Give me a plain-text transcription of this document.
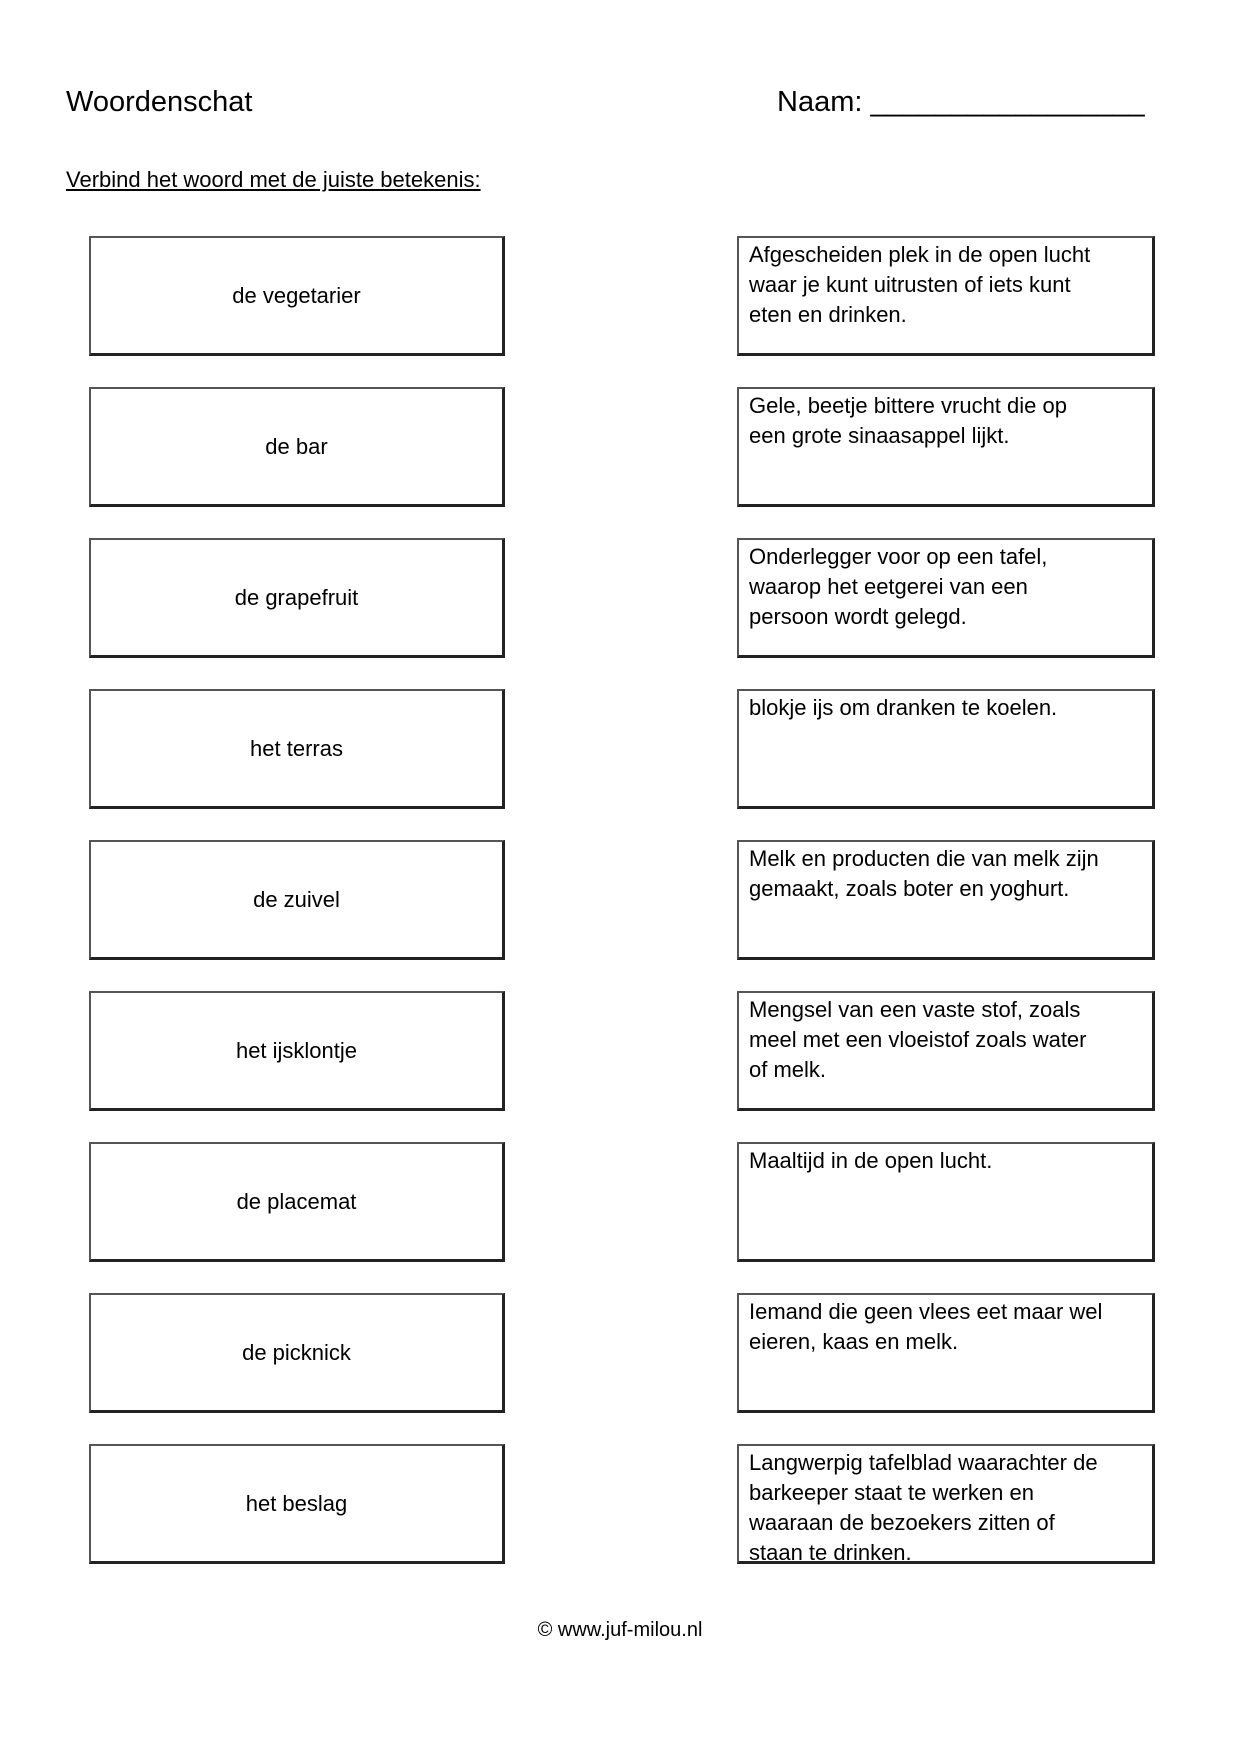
Woordenschat	Naam: _________________
Verbind het woord met de juiste betekenis:
de vegetarier
Afgescheiden plek in de open lucht
waar je kunt uitrusten of iets kunt
eten en drinken.
de bar
Gele, beetje bittere vrucht die op
een grote sinaasappel lijkt.
de grapefruit
Onderlegger voor op een tafel,
waarop het eetgerei van een
persoon wordt gelegd.
het terras
blokje ijs om dranken te koelen.
de zuivel
Melk en producten die van melk zijn
gemaakt, zoals boter en yoghurt.
het ijsklontje
Mengsel van een vaste stof, zoals
meel met een vloeistof zoals water
of melk.
de placemat
Maaltijd in de open lucht.
de picknick
Iemand die geen vlees eet maar wel
eieren, kaas en melk.
het beslag
Langwerpig tafelblad waarachter de
barkeeper staat te werken en
waaraan de bezoekers zitten of
staan te drinken.
© www.juf-milou.nl
